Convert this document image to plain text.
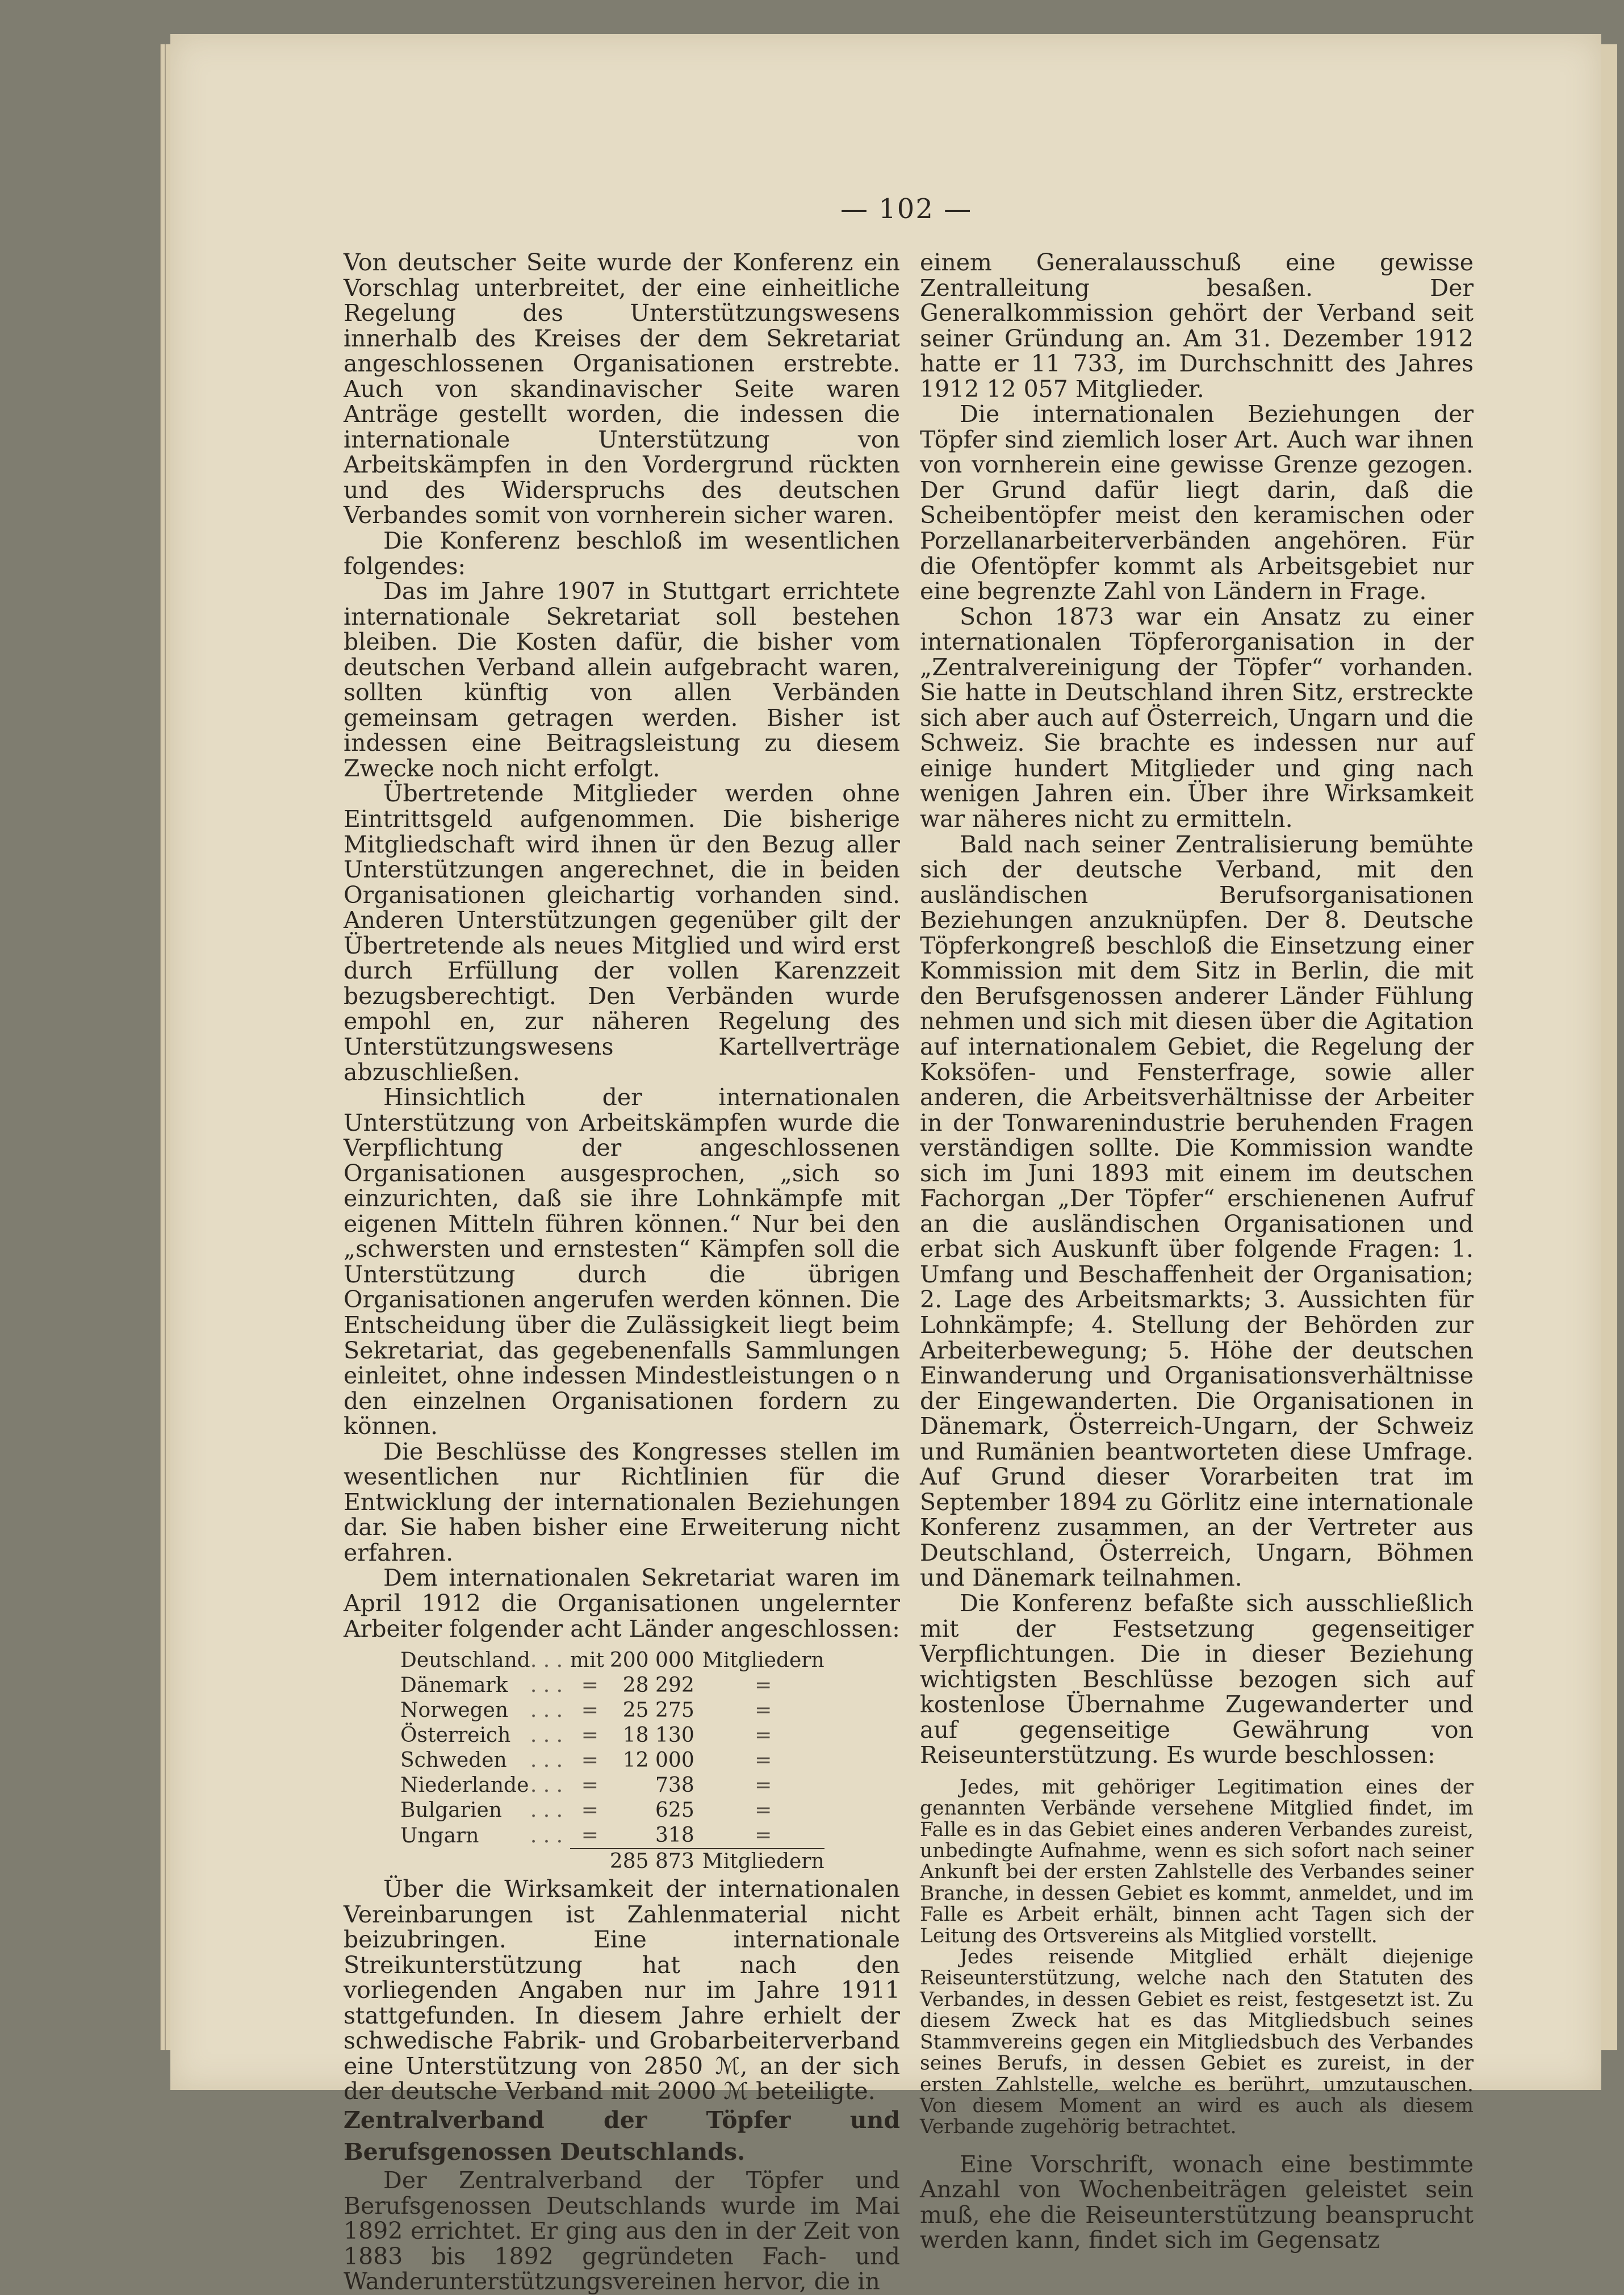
— 102 —

Von deutscher Seite wurde der Konferenz ein Vorschlag unterbreitet, der eine einheitliche Regelung des Unterstützungswesens innerhalb des Kreises der dem Sekretariat angeschlossenen Organisationen erstrebte. Auch von skandinavischer Seite waren Anträge gestellt worden, die indessen die internationale Unterstützung von Arbeitskämpfen in den Vordergrund rückten und des Widerspruchs des deutschen Verbandes somit von vornherein sicher waren.

Die Konferenz beschloß im wesentlichen folgendes:

Das im Jahre 1907 in Stuttgart errichtete internationale Sekretariat soll bestehen bleiben. Die Kosten dafür, die bisher vom deutschen Verband allein aufgebracht waren, sollten künftig von allen Verbänden gemeinsam getragen werden. Bisher ist indessen eine Beitragsleistung zu diesem Zwecke noch nicht erfolgt.

Übertretende Mitglieder werden ohne Eintrittsgeld aufgenommen. Die bisherige Mitgliedschaft wird ihnen ür den Bezug aller Unterstützungen angerechnet, die in beiden Organisationen gleichartig vorhanden sind. Anderen Unterstützungen gegenüber gilt der Übertretende als neues Mitglied und wird erst durch Erfüllung der vollen Karenzzeit bezugsberechtigt. Den Verbänden wurde empohl en, zur näheren Regelung des Unterstützungswesens Kartellverträge abzuschließen.

Hinsichtlich der internationalen Unterstützung von Arbeitskämpfen wurde die Verpflichtung der angeschlossenen Organisationen ausgesprochen, „sich so einzurichten, daß sie ihre Lohnkämpfe mit eigenen Mitteln führen können.“ Nur bei den „schwersten und ernstesten“ Kämpfen soll die Unterstützung durch die übrigen Organisationen angerufen werden können. Die Entscheidung über die Zulässigkeit liegt beim Sekretariat, das gegebenenfalls Sammlungen einleitet, ohne indessen Mindestleistungen o n den einzelnen Organisationen fordern zu können.

Die Beschlüsse des Kongresses stellen im wesentlichen nur Richtlinien für die Entwicklung der internationalen Beziehungen dar. Sie haben bisher eine Erweiterung nicht erfahren.

Dem internationalen Sekretariat waren im April 1912 die Organisationen ungelernter Arbeiter folgender acht Länder angeschlossen:

Deutschland	. . .	mit	200 000	Mitgliedern
Dänemark	. . .	=	28 292	=
Norwegen	. . .	=	25 275	=
Österreich	. . .	=	18 130	=
Schweden	. . .	=	12 000	=
Niederlande	. . .	=	738	=
Bulgarien	. . .	=	625	=
Ungarn	. . .	=	318	=
			285 873	Mitgliedern

Über die Wirksamkeit der internationalen Vereinbarungen ist Zahlenmaterial nicht beizubringen. Eine internationale Streikunterstützung hat nach den vorliegenden Angaben nur im Jahre 1911 stattgefunden. In diesem Jahre erhielt der schwedische Fabrik- und Grobarbeiterverband eine Unterstützung von 2850 ℳ, an der sich der deutsche Verband mit 2000 ℳ beteiligte.

Zentralverband der Töpfer und Berufsgenossen Deutschlands.

Der Zentralverband der Töpfer und Berufsgenossen Deutschlands wurde im Mai 1892 errichtet. Er ging aus den in der Zeit von 1883 bis 1892 gegründeten Fach- und Wanderunterstützungsvereinen hervor, die in

einem Generalausschuß eine gewisse Zentralleitung besaßen. Der Generalkommission gehört der Verband seit seiner Gründung an. Am 31. Dezember 1912 hatte er 11 733, im Durchschnitt des Jahres 1912 12 057 Mitglieder.

Die internationalen Beziehungen der Töpfer sind ziemlich loser Art. Auch war ihnen von vornherein eine gewisse Grenze gezogen. Der Grund dafür liegt darin, daß die Scheibentöpfer meist den keramischen oder Porzellanarbeiterverbänden angehören. Für die Ofentöpfer kommt als Arbeitsgebiet nur eine begrenzte Zahl von Ländern in Frage.

Schon 1873 war ein Ansatz zu einer internationalen Töpferorganisation in der „Zentralvereinigung der Töpfer“ vorhanden. Sie hatte in Deutschland ihren Sitz, erstreckte sich aber auch auf Österreich, Ungarn und die Schweiz. Sie brachte es indessen nur auf einige hundert Mitglieder und ging nach wenigen Jahren ein. Über ihre Wirksamkeit war näheres nicht zu ermitteln.

Bald nach seiner Zentralisierung bemühte sich der deutsche Verband, mit den ausländischen Berufsorganisationen Beziehungen anzuknüpfen. Der 8. Deutsche Töpferkongreß beschloß die Einsetzung einer Kommission mit dem Sitz in Berlin, die mit den Berufsgenossen anderer Länder Fühlung nehmen und sich mit diesen über die Agitation auf internationalem Gebiet, die Regelung der Koksöfen- und Fensterfrage, sowie aller anderen, die Arbeitsverhältnisse der Arbeiter in der Tonwarenindustrie beruhenden Fragen verständigen sollte. Die Kommission wandte sich im Juni 1893 mit einem im deutschen Fachorgan „Der Töpfer“ erschienenen Aufruf an die ausländischen Organisationen und erbat sich Auskunft über folgende Fragen: 1. Umfang und Beschaffenheit der Organisation; 2. Lage des Arbeitsmarkts; 3. Aussichten für Lohnkämpfe; 4. Stellung der Behörden zur Arbeiterbewegung; 5. Höhe der deutschen Einwanderung und Organisationsverhältnisse der Eingewanderten. Die Organisationen in Dänemark, Österreich-Ungarn, der Schweiz und Rumänien beantworteten diese Umfrage. Auf Grund dieser Vorarbeiten trat im September 1894 zu Görlitz eine internationale Konferenz zusammen, an der Vertreter aus Deutschland, Österreich, Ungarn, Böhmen und Dänemark teilnahmen.

Die Konferenz befaßte sich ausschließlich mit der Festsetzung gegenseitiger Verpflichtungen. Die in dieser Beziehung wichtigsten Beschlüsse bezogen sich auf kostenlose Übernahme Zugewanderter und auf gegenseitige Gewährung von Reiseunterstützung. Es wurde beschlossen:

Jedes, mit gehöriger Legitimation eines der genannten Verbände versehene Mitglied findet, im Falle es in das Gebiet eines anderen Verbandes zureist, unbedingte Aufnahme, wenn es sich sofort nach seiner Ankunft bei der ersten Zahlstelle des Verbandes seiner Branche, in dessen Gebiet es kommt, anmeldet, und im Falle es Arbeit erhält, binnen acht Tagen sich der Leitung des Ortsvereins als Mitglied vorstellt.

Jedes reisende Mitglied erhält diejenige Reiseunterstützung, welche nach den Statuten des Verbandes, in dessen Gebiet es reist, festgesetzt ist. Zu diesem Zweck hat es das Mitgliedsbuch seines Stammvereins gegen ein Mitgliedsbuch des Verbandes seines Berufs, in dessen Gebiet es zureist, in der ersten Zahlstelle, welche es berührt, umzutauschen. Von diesem Moment an wird es auch als diesem Verbande zugehörig betrachtet.

Eine Vorschrift, wonach eine bestimmte Anzahl von Wochenbeiträgen geleistet sein muß, ehe die Reiseunterstützung beansprucht werden kann, findet sich im Gegensatz
